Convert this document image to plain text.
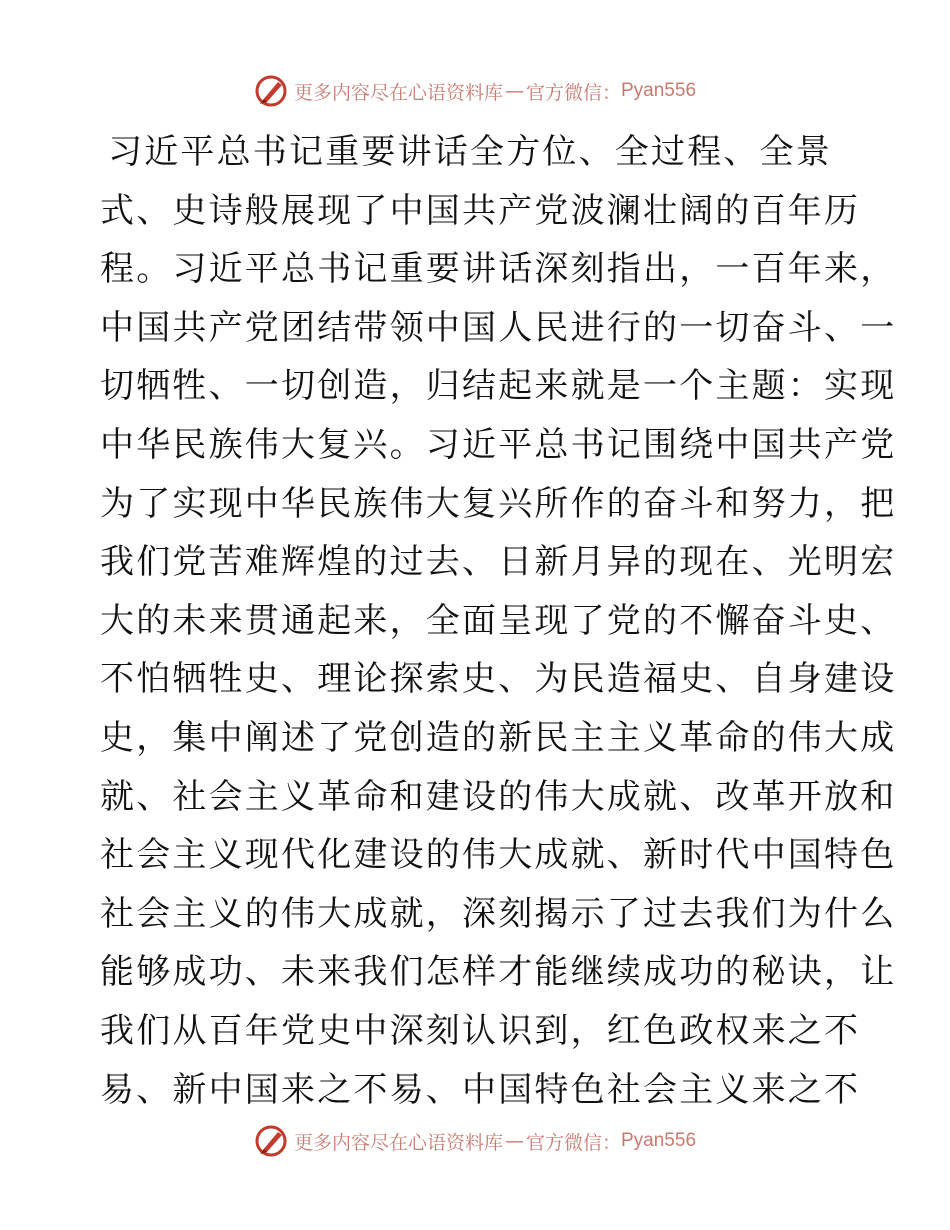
更多内容尽在心语资料库 — 官方微信： Pyan556
习近平总书记重要讲话全方位、全过程、全景
式、史诗般展现了中国共产党波澜壮阔的百年历
程。习近平总书记重要讲话深刻指出，一百年来，
中国共产党团结带领中国人民进行的一切奋斗、一
切牺牲、一切创造，归结起来就是一个主题：实现
中华民族伟大复兴。习近平总书记围绕中国共产党
为了实现中华民族伟大复兴所作的奋斗和努力，把
我们党苦难辉煌的过去、日新月异的现在、光明宏
大的未来贯通起来，全面呈现了党的不懈奋斗史、
不怕牺牲史、理论探索史、为民造福史、自身建设
史，集中阐述了党创造的新民主主义革命的伟大成
就、社会主义革命和建设的伟大成就、改革开放和
社会主义现代化建设的伟大成就、新时代中国特色
社会主义的伟大成就，深刻揭示了过去我们为什么
能够成功、未来我们怎样才能继续成功的秘诀，让
我们从百年党史中深刻认识到，红色政权来之不
易、新中国来之不易、中国特色社会主义来之不
更多内容尽在心语资料库 — 官方微信： Pyan556
